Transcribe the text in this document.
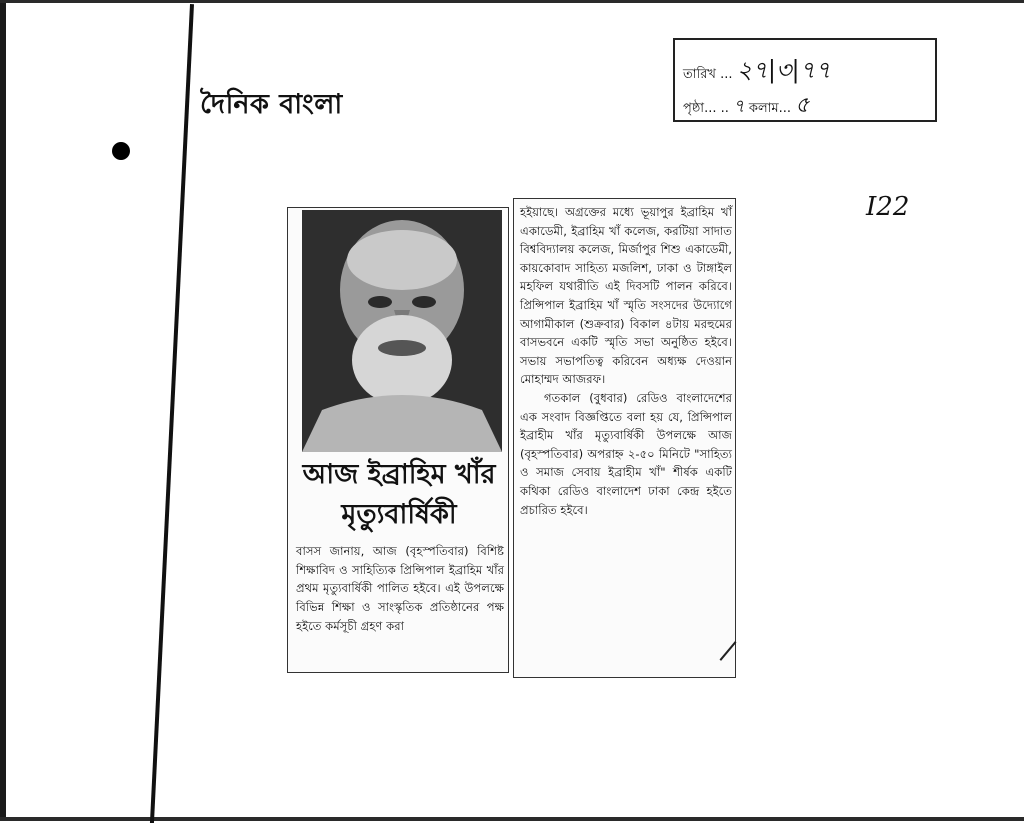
দৈনিক বাংলা
তারিখ ... ২৭|৩|৭৭
পৃষ্ঠা... .. ৭ কলাম... ৫
I22
আজ ইব্রাহিম খাঁর
মৃত্যুবার্ষিকী

বাসস জানায়, আজ (বৃহস্পতিবার) বিশিষ্ট শিক্ষাবিদ ও সাহিত্যিক প্রিন্সিপাল ইব্রাহিম খাঁর প্রথম মৃত্যুবার্ষিকী পালিত হইবে। এই উপলক্ষে বিভিন্ন শিক্ষা ও সাংস্কৃতিক প্রতিষ্ঠানের পক্ষ হইতে কর্মসূচী গ্রহণ করা

হইয়াছে। অগ্রক্তের মধ্যে ভূয়াপুর ইব্রাহিম খাঁ একাডেমী, ইব্রাহিম খাঁ কলেজ, করটিয়া সাদাত বিশ্ববিদ্যালয় কলেজ, মির্জাপুর শিশু একাডেমী, কায়কোবাদ সাহিত্য মজলিশ, ঢাকা ও টাঙ্গাইল মহফিল যথারীতি এই দিবসটি পালন করিবে। প্রিন্সিপাল ইব্রাহিম খাঁ স্মৃতি সংসদের উদ্যোগে আগামীকাল (শুক্রবার) বিকাল ৪টায় মরহুমের বাসভবনে একটি স্মৃতি সভা অনুষ্ঠিত হইবে। সভায় সভাপতিত্ব করিবেন অধ্যক্ষ দেওয়ান মোহাম্মদ আজরফ।

গতকাল (বুধবার) রেডিও বাংলাদেশের এক সংবাদ বিজ্ঞপ্তিতে বলা হয় যে, প্রিন্সিপাল ইব্রাহীম খাঁর মৃত্যুবার্ষিকী উপলক্ষে আজ (বৃহস্পতিবার) অপরাহ্ন ২-৫০ মিনিটে "সাহিত্য ও সমাজ সেবায় ইব্রাহীম খাঁ" শীর্ষক একটি কথিকা রেডিও বাংলাদেশ ঢাকা কেন্দ্র হইতে প্রচারিত হইবে।
